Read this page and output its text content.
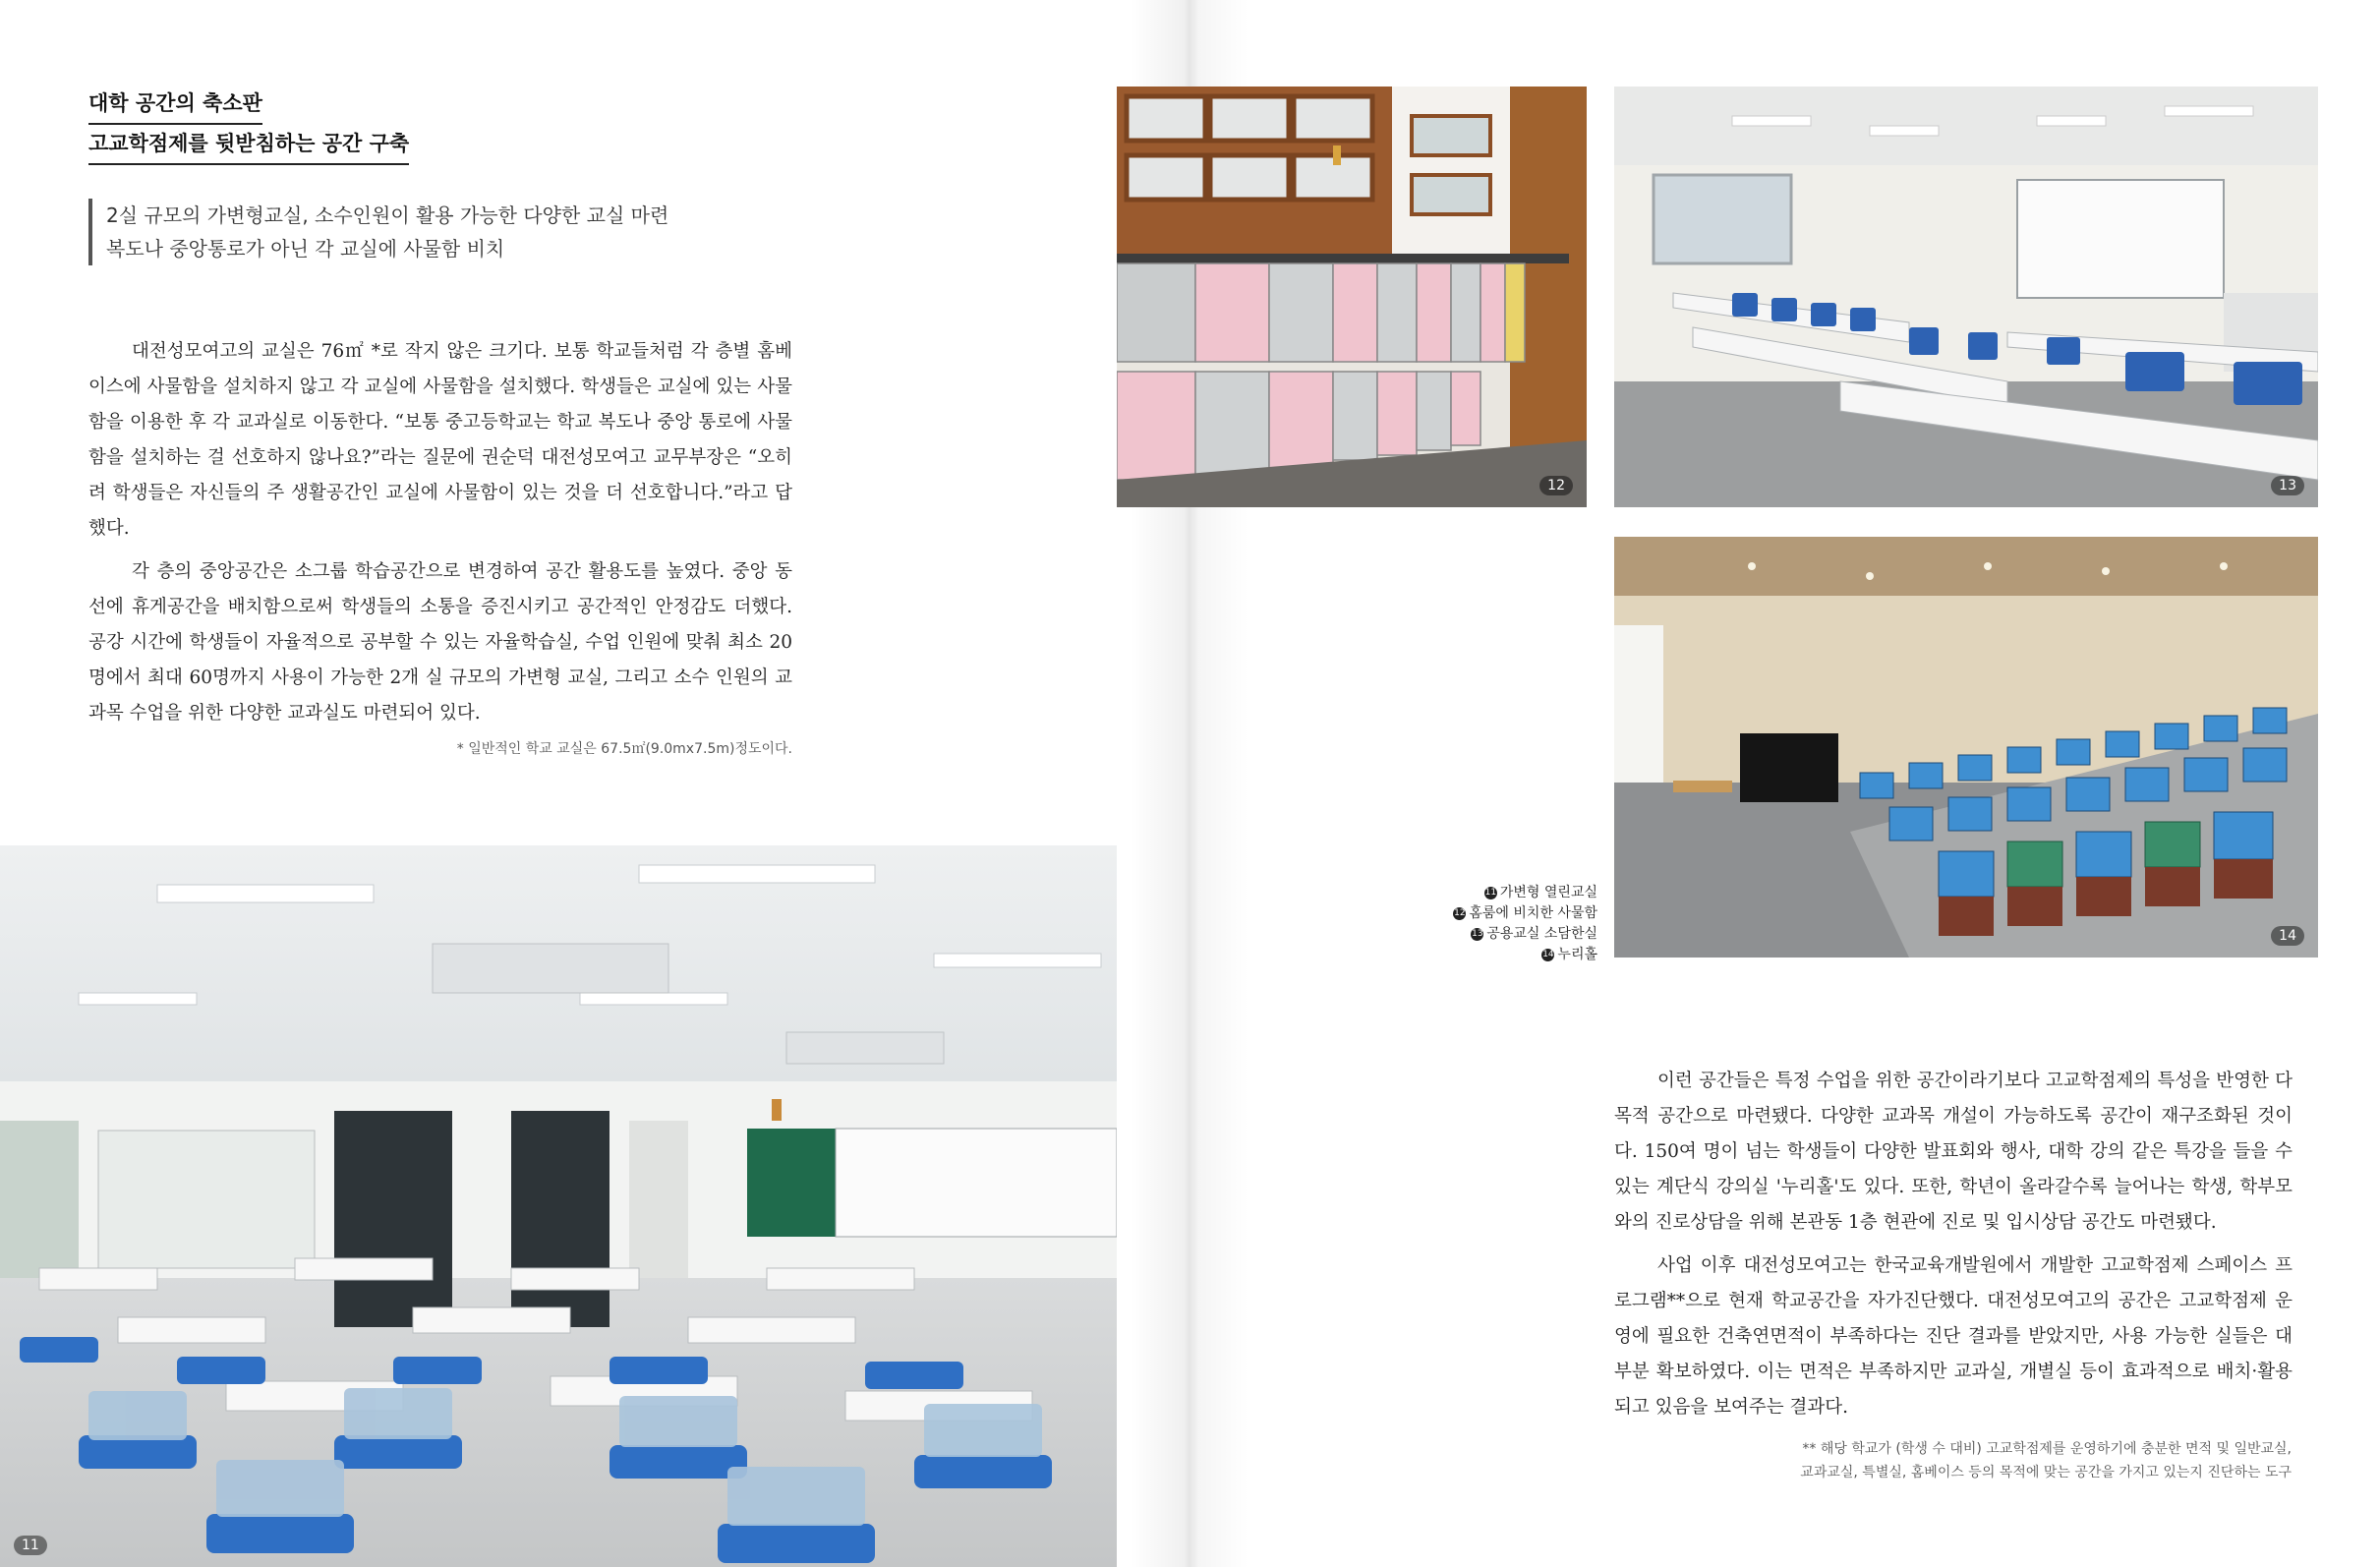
대학 공간의 축소판
고교학점제를 뒷받침하는 공간 구축
2실 규모의 가변형교실, 소수인원이 활용 가능한 다양한 교실 마련
복도나 중앙통로가 아닌 각 교실에 사물함 비치

대전성모여고의 교실은 76㎡ *로 작지 않은 크기다. 보통 학교들처럼 각 층별 홈베이스에 사물함을 설치하지 않고 각 교실에 사물함을 설치했다. 학생들은 교실에 있는 사물함을 이용한 후 각 교과실로 이동한다. “보통 중고등학교는 학교 복도나 중앙 통로에 사물함을 설치하는 걸 선호하지 않나요?”라는 질문에 권순덕 대전성모여고 교무부장은 “오히려 학생들은 자신들의 주 생활공간인 교실에 사물함이 있는 것을 더 선호합니다.”라고 답했다.

각 층의 중앙공간은 소그룹 학습공간으로 변경하여 공간 활용도를 높였다. 중앙 동선에 휴게공간을 배치함으로써 학생들의 소통을 증진시키고 공간적인 안정감도 더했다. 공강 시간에 학생들이 자율적으로 공부할 수 있는 자율학습실, 수업 인원에 맞춰 최소 20명에서 최대 60명까지 사용이 가능한 2개 실 규모의 가변형 교실, 그리고 소수 인원의 교과목 수업을 위한 다양한 교과실도 마련되어 있다.

* 일반적인 학교 교실은 67.5㎡(9.0mx7.5m)정도이다.
11
12	13
14
11 가변형 열린교실
12 홈룸에 비치한 사물함
13 공용교실 소담한실
14 누리홀

이런 공간들은 특정 수업을 위한 공간이라기보다 고교학점제의 특성을 반영한 다목적 공간으로 마련됐다. 다양한 교과목 개설이 가능하도록 공간이 재구조화된 것이다. 150여 명이 넘는 학생들이 다양한 발표회와 행사, 대학 강의 같은 특강을 들을 수 있는 계단식 강의실 '누리홀'도 있다. 또한, 학년이 올라갈수록 늘어나는 학생, 학부모와의 진로상담을 위해 본관동 1층 현관에 진로 및 입시상담 공간도 마련됐다.

사업 이후 대전성모여고는 한국교육개발원에서 개발한 고교학점제 스페이스 프로그램**으로 현재 학교공간을 자가진단했다. 대전성모여고의 공간은 고교학점제 운영에 필요한 건축연면적이 부족하다는 진단 결과를 받았지만, 사용 가능한 실들은 대부분 확보하였다. 이는 면적은 부족하지만 교과실, 개별실 등이 효과적으로 배치·활용되고 있음을 보여주는 결과다.

** 해당 학교가 (학생 수 대비) 고교학점제를 운영하기에 충분한 면적 및 일반교실,
교과교실, 특별실, 홈베이스 등의 목적에 맞는 공간을 가지고 있는지 진단하는 도구
